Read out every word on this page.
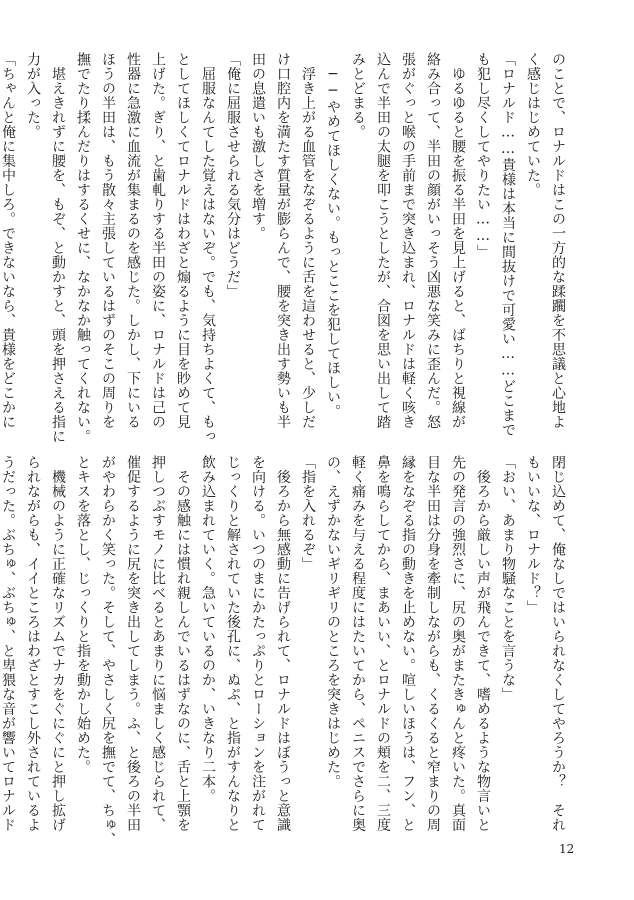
のことで、ロナルドはこの一方的な蹂躙を不思議と心地よ
く感じはじめていた。
「ロナルド……貴様は本当に間抜けで可愛い……どこまで
も犯し尽くしてやりたい……」
　ゆるゆると腰を振る半田を見上げると、ばちりと視線が
絡み合って、半田の顔がいっそう凶悪な笑みに歪んだ。怒
張がぐっと喉の手前まで突き込まれ、ロナルドは軽く咳き
込んで半田の太腿を叩こうとしたが、合図を思い出して踏
みとどまる。
　──やめてほしくない。もっとここを犯してほしい。
　浮き上がる血管をなぞるように舌を這わせると、少しだ
け口腔内を満たす質量が膨らんで、腰を突き出す勢いも半
田の息遣いも激しさを増す。
「俺に屈服させられる気分はどうだ」
　屈服なんてした覚えはないぞ。でも、気持ちよくて、もっ
としてほしくてロナルドはわざと煽るように目を眇めて見
上げた。ぎり、と歯軋りする半田の姿に、ロナルドは己の
性器に急激に血流が集まるのを感じた。しかし、下にいる
ほうの半田は、もう散々主張しているはずのそこの周りを
撫でたり揉んだりはするくせに、なかなか触ってくれない。
　堪えきれずに腰を、もぞ、と動かすと、頭を押さえる指に
力が入った。
「ちゃんと俺に集中しろ。できないなら、貴様をどこかに
閉じ込めて、俺なしではいられなくしてやろうか？　それ
もいいな、ロナルド？」
「おい、あまり物騒なことを言うな」
　後ろから厳しい声が飛んできて、嗜めるような物言いと
先の発言の強烈さに、尻の奥がまたきゅんと疼いた。真面
目な半田は分身を牽制しながらも、くるくると窄まりの周
縁をなぞる指の動きを止めない。喧しいほうは、フン、と
鼻を鳴らしてから、まあいい、とロナルドの頬を二、三度
軽く痛みを与える程度にはたいてから、ペニスでさらに奥
の、えずかないギリギリのところを突きはじめた。
「指を入れるぞ」
　後ろから無感動に告げられて、ロナルドはぼうっと意識
を向ける。いつのまにかたっぷりとローションを注がれて
じっくりと解されていた後孔に、ぬぷ、と指がすんなりと
飲み込まれていく。急いているのか、いきなり二本。
　その感触には慣れ親しんでいるはずなのに、舌と上顎を
押しつぶすモノに比べるとあまりに悩ましく感じられて、
催促するように尻を突き出してしまう。ふ、と後ろの半田
がやわらかく笑った。そして、やさしく尻を撫でて、ちゅ、
とキスを落とし、じっくりと指を動かし始めた。
　機械のように正確なリズムでナカをぐにぐにと押し拡げ
られながらも、イイところはわざとすこし外されているよ
うだった。ぶちゅ、ぶちゅ、と卑猥な音が響いてロナルド
12
